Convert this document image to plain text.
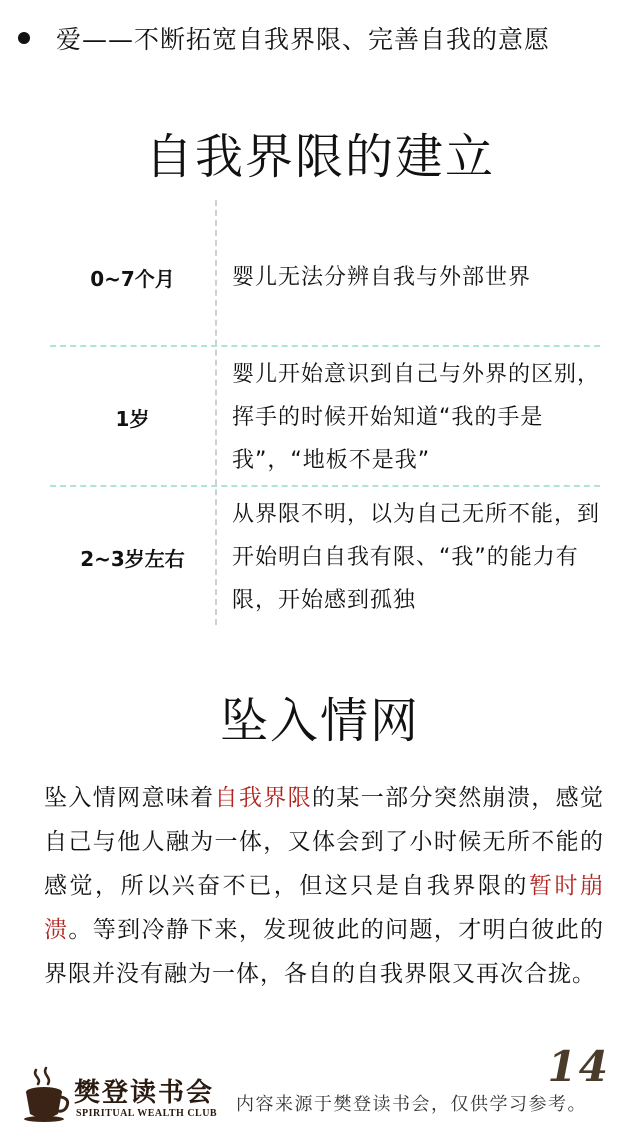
爱——不断拓宽自我界限、完善自我的意愿
自我界限的建立
0~7个月	婴儿无法分辨自我与外部世界
1岁
婴儿开始意识到自己与外界的区别，挥手的时候开始知道“我的手是我”，“地板不是我”
2~3岁左右
从界限不明，以为自己无所不能，到开始明白自我有限、“我”的能力有限，开始感到孤独
坠入情网
坠入情网意味着自我界限的某一部分突然崩溃，感觉自己与他人融为一体，又体会到了小时候无所不能的感觉，所以兴奋不已，但这只是自我界限的暂时崩溃。等到冷静下来，发现彼此的问题，才明白彼此的界限并没有融为一体，各自的自我界限又再次合拢。
樊登读书会
SPIRITUAL WEALTH CLUB
14
内容来源于樊登读书会，仅供学习参考。
